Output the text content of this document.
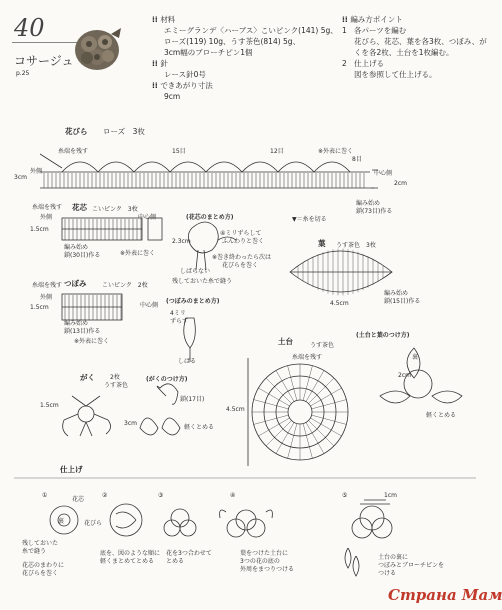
40
コサージュ
p.25
⁞⁞ 材料
エミーグランデ〈ハーブス〉こいピンク(141) 5g、
ローズ(119) 10g、うす茶色(814) 5g、
3cm幅のブローチピン1個
⁞⁞ 針
レース針0号
⁞⁞ できあがり寸法
9cm
⁞⁞ 編み方ポイント
1 各パーツを編む
花びら、花芯、葉を各3枚、つぼみ、が
くを各2枚、土台を1枚編む。
2 仕上げる
図を参照して仕上げる。
花びら ローズ　3枚
糸端を残す	15目	12目
8目
3cm
外側	中心側
2cm
※外表に巻く
編み始め
鎖(73目)作る
花芯 こいピンク　3枚
糸端を残す
外側	中心側
1.5cm
編み始め
鎖(30目)作る	※外表に巻く
(花芯のまとめ方)
2.3cm
④ミリずらして
ふんわりと巻く
※巻き終わったら次は
花びらを巻く
しばらない
残しておいた糸で縫う
▼＝糸を切る
葉 うす茶色　3枚
編み始め
鎖(15目)作る
4.5cm
つぼみ	こいピンク　2枚
糸端を残す
外側
中心側
1.5cm
編み始め
鎖(13目)作る
※外表に巻く
(つぼみのまとめ方)
4ミリ
ずらす
しばる
土台	うす茶色
糸端を残す
4.5cm
(土台と葉のつけ方)
裏
2cm
軽くとめる
がく	2枚
うす茶色
1.5cm
(がくのつけ方)
鎖(17目)
軽くとめる
3cm
仕上げ
①
花芯
裏	花びら
残しておいた
糸で縫う
花芯のまわりに
花びらを巻く
②
底を、図のような順に
軽くまとめてとめる
③
花を3つ合わせて
とめる
④
葉をつけた土台に
3つの花の底の
外周をまつりつける
⑤	1cm
土台の裏に
つぼみとブローチピンを
つける
Страна Мам
